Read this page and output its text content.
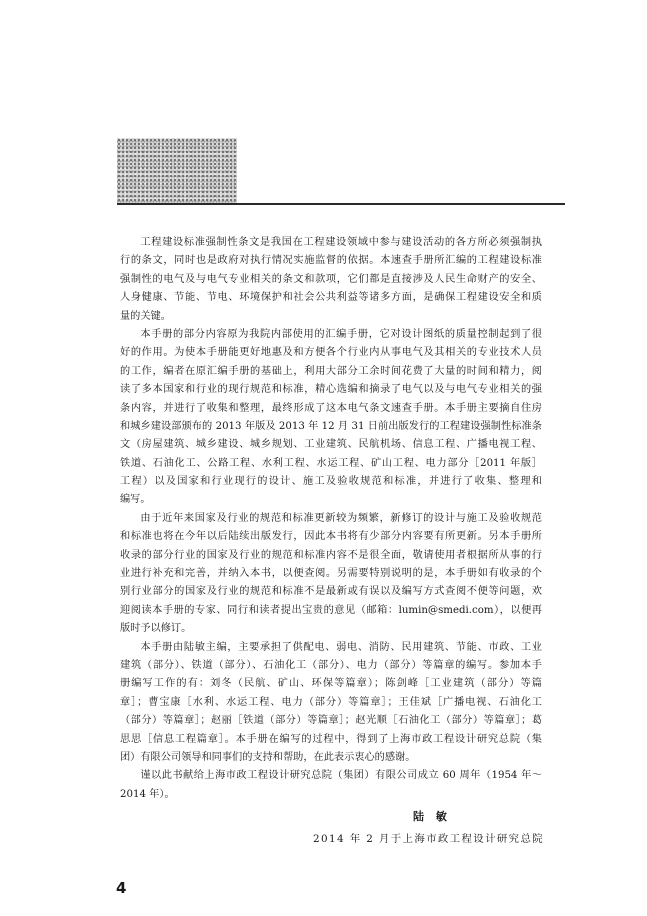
工程建设标准强制性条文是我国在工程建设领域中参与建设活动的各方所必须强制执
行的条文，同时也是政府对执行情况实施监督的依据。本速查手册所汇编的工程建设标准
强制性的电气及与电气专业相关的条文和款项，它们都是直接涉及人民生命财产的安全、
人身健康、节能、节电、环境保护和社会公共利益等诸多方面，是确保工程建设安全和质
量的关键。
本手册的部分内容原为我院内部使用的汇编手册，它对设计图纸的质量控制起到了很
好的作用。为使本手册能更好地惠及和方便各个行业内从事电气及其相关的专业技术人员
的工作，编者在原汇编手册的基础上，利用大部分工余时间花费了大量的时间和精力，阅
读了多本国家和行业的现行规范和标准，精心选编和摘录了电气以及与电气专业相关的强
条内容，并进行了收集和整理，最终形成了这本电气条文速查手册。本手册主要摘自住房
和城乡建设部颁布的 2013 年版及 2013 年 12 月 31 日前出版发行的工程建设强制性标准条
文（房屋建筑、城乡建设、城乡规划、工业建筑、民航机场、信息工程、广播电视工程、
铁道、石油化工、公路工程、水利工程、水运工程、矿山工程、电力部分［2011 年版］
工程）以及国家和行业现行的设计、施工及验收规范和标准，并进行了收集、整理和
编写。
由于近年来国家及行业的规范和标准更新较为频繁，新修订的设计与施工及验收规范
和标准也将在今年以后陆续出版发行，因此本书将有少部分内容要有所更新。另本手册所
收录的部分行业的国家及行业的规范和标准内容不是很全面，敬请使用者根据所从事的行
业进行补充和完善，并纳入本书，以便查阅。另需要特别说明的是，本手册如有收录的个
别行业部分的国家及行业的规范和标准不是最新或有误以及编写方式查阅不便等问题，欢
迎阅读本手册的专家、同行和读者提出宝贵的意见（邮箱：lumin@smedi.com），以便再
版时予以修订。
本手册由陆敏主编，主要承担了供配电、弱电、消防、民用建筑、节能、市政、工业
建筑（部分）、铁道（部分）、石油化工（部分）、电力（部分）等篇章的编写。参加本手
册编写工作的有：刘冬（民航、矿山、环保等篇章）；陈剑峰［工业建筑（部分）等篇
章］；曹宝康［水利、水运工程、电力（部分）等篇章］；王佳斌［广播电视、石油化工
（部分）等篇章］；赵丽［铁道（部分）等篇章］；赵光顺［石油化工（部分）等篇章］；葛
思思［信息工程篇章］。本手册在编写的过程中，得到了上海市政工程设计研究总院（集
团）有限公司领导和同事们的支持和帮助，在此表示衷心的感谢。
谨以此书献给上海市政工程设计研究总院（集团）有限公司成立 60 周年（1954 年～
2014 年）。
陆 敏
2014 年 2 月于上海市政工程设计研究总院
4
